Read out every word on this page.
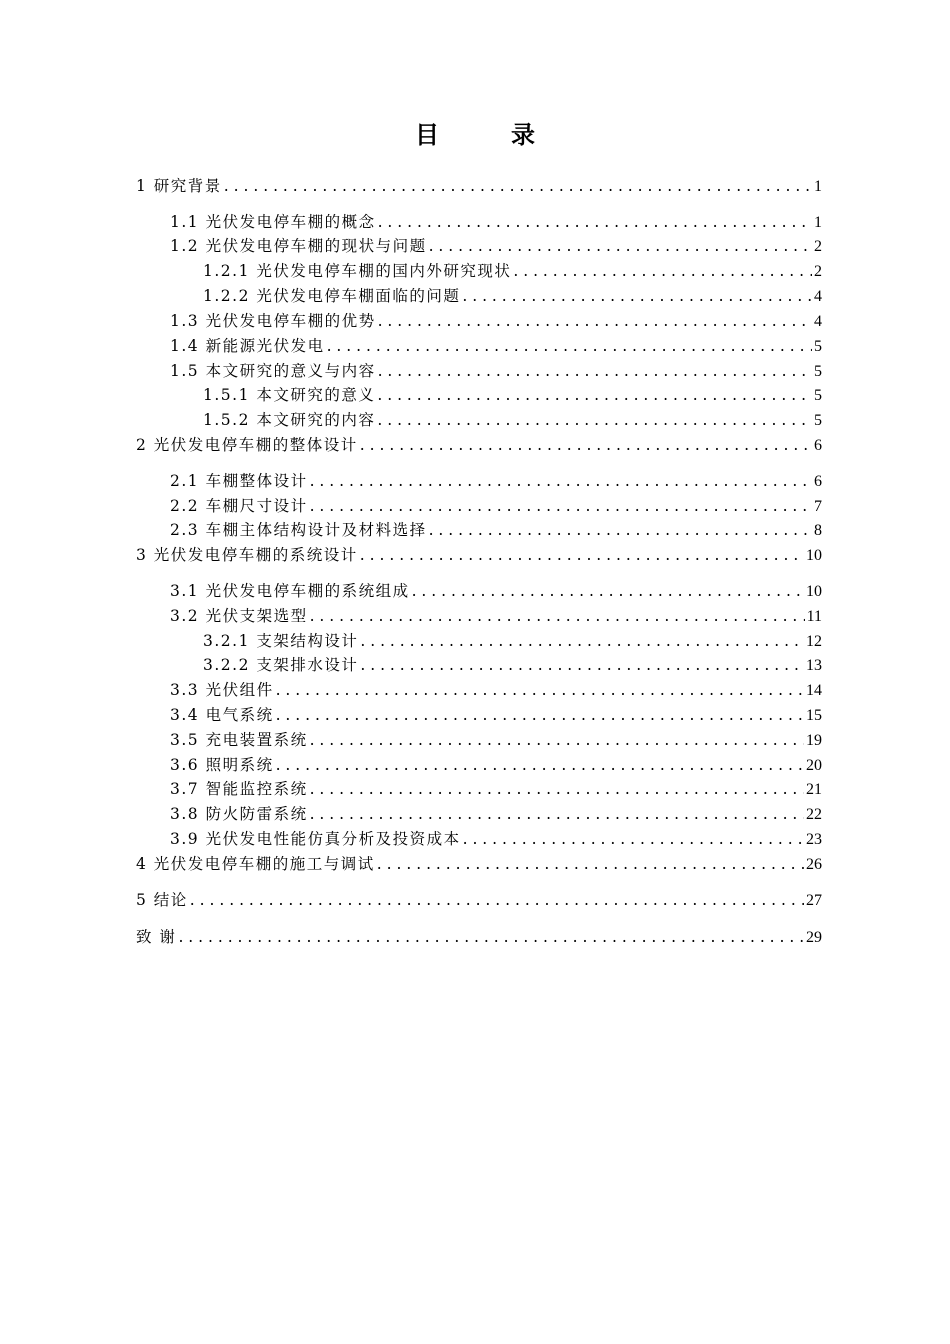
目　录
1 研究背景 . . .	1
1.1 光伏发电停车棚的概念 . . .	1
1.2 光伏发电停车棚的现状与问题 . . .	2
1.2.1 光伏发电停车棚的国内外研究现状 . . .	2
1.2.2 光伏发电停车棚面临的问题 . . .	4
1.3 光伏发电停车棚的优势 . . .	4
1.4 新能源光伏发电 . . .	5
1.5 本文研究的意义与内容 . . .	5
1.5.1 本文研究的意义 . . .	5
1.5.2 本文研究的内容 . . .	5
2 光伏发电停车棚的整体设计 . . .	6
2.1 车棚整体设计 . . .	6
2.2 车棚尺寸设计 . . .	7
2.3 车棚主体结构设计及材料选择 . . .	8
3 光伏发电停车棚的系统设计 . . .	10
3.1 光伏发电停车棚的系统组成 . . .	10
3.2 光伏支架选型 . . .	11
3.2.1 支架结构设计 . . .	12
3.2.2 支架排水设计 . . .	13
3.3 光伏组件 . . .	14
3.4 电气系统 . . .	15
3.5 充电装置系统 . . .	19
3.6 照明系统 . . .	20
3.7 智能监控系统 . . .	21
3.8 防火防雷系统 . . .	22
3.9 光伏发电性能仿真分析及投资成本 . . .	23
4 光伏发电停车棚的施工与调试 . . .	26
5 结论 . . .	27
致 谢 . . .	29
